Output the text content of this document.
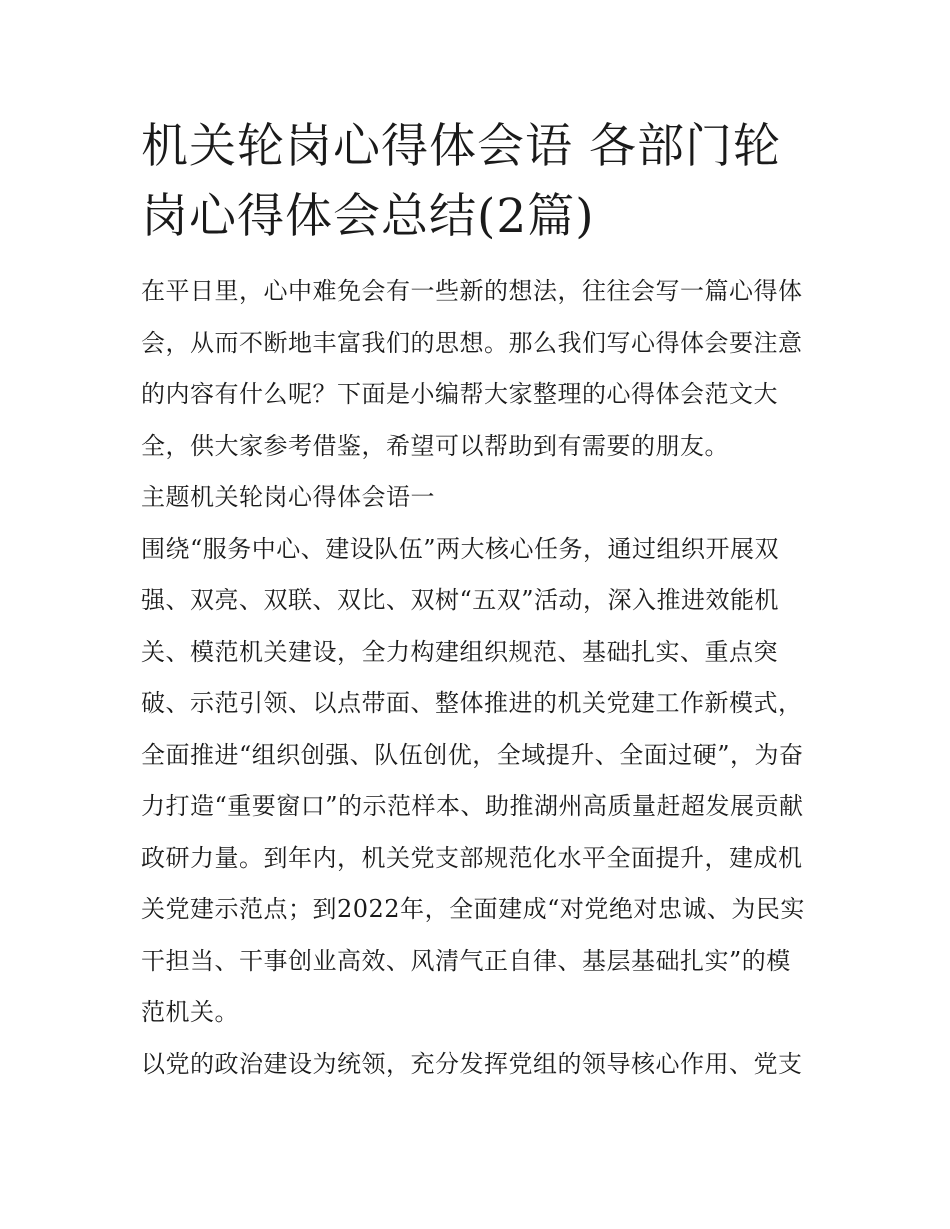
机关轮岗心得体会语 各部门轮岗心得体会总结(2篇)

在平日里，心中难免会有一些新的想法，往往会写一篇心得体会，从而不断地丰富我们的思想。那么我们写心得体会要注意的内容有什么呢？下面是小编帮大家整理的心得体会范文大全，供大家参考借鉴，希望可以帮助到有需要的朋友。

主题机关轮岗心得体会语一

围绕“服务中心、建设队伍”两大核心任务，通过组织开展双强、双亮、双联、双比、双树“五双”活动，深入推进效能机关、模范机关建设，全力构建组织规范、基础扎实、重点突破、示范引领、以点带面、整体推进的机关党建工作新模式，全面推进“组织创强、队伍创优，全域提升、全面过硬”，为奋力打造“重要窗口”的示范样本、助推湖州高质量赶超发展贡献政研力量。到年内，机关党支部规范化水平全面提升，建成机关党建示范点；到2022年，全面建成“对党绝对忠诚、为民实干担当、干事创业高效、风清气正自律、基层基础扎实”的模范机关。

以党的政治建设为统领，充分发挥党组的领导核心作用、党支
